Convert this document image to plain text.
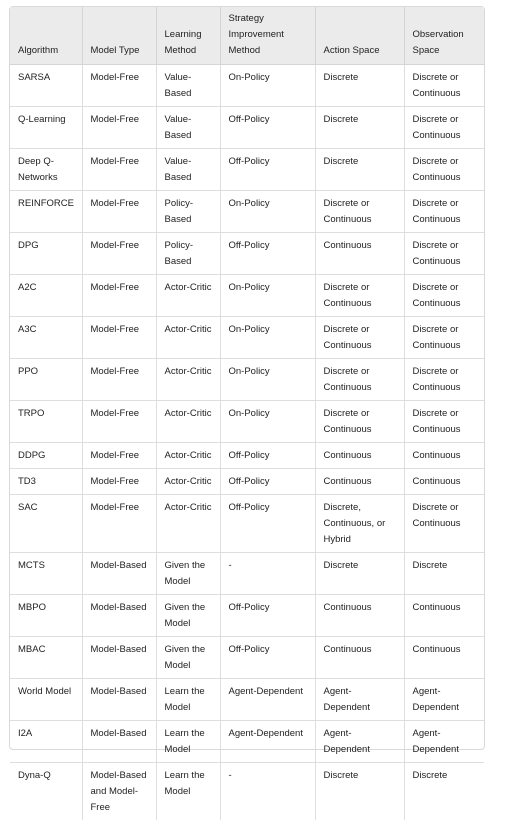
Algorithm	Model Type	Learning Method	Strategy Improvement Method	Action Space	Observation Space
SARSA	Model-Free	Value-Based	On-Policy	Discrete	Discrete or Continuous
Q-Learning	Model-Free	Value-Based	Off-Policy	Discrete	Discrete or Continuous
Deep Q-Networks	Model-Free	Value-Based	Off-Policy	Discrete	Discrete or Continuous
REINFORCE	Model-Free	Policy-Based	On-Policy	Discrete or Continuous	Discrete or Continuous
DPG	Model-Free	Policy-Based	Off-Policy	Continuous	Discrete or Continuous
A2C	Model-Free	Actor-Critic	On-Policy	Discrete or Continuous	Discrete or Continuous
A3C	Model-Free	Actor-Critic	On-Policy	Discrete or Continuous	Discrete or Continuous
PPO	Model-Free	Actor-Critic	On-Policy	Discrete or Continuous	Discrete or Continuous
TRPO	Model-Free	Actor-Critic	On-Policy	Discrete or Continuous	Discrete or Continuous
DDPG	Model-Free	Actor-Critic	Off-Policy	Continuous	Continuous
TD3	Model-Free	Actor-Critic	Off-Policy	Continuous	Continuous
SAC	Model-Free	Actor-Critic	Off-Policy	Discrete, Continuous, or Hybrid	Discrete or Continuous
MCTS	Model-Based	Given the Model	-	Discrete	Discrete
MBPO	Model-Based	Given the Model	Off-Policy	Continuous	Continuous
MBAC	Model-Based	Given the Model	Off-Policy	Continuous	Continuous
World Model	Model-Based	Learn the Model	Agent-Dependent	Agent-Dependent	Agent-Dependent
I2A	Model-Based	Learn the Model	Agent-Dependent	Agent-Dependent	Agent-Dependent
Dyna-Q	Model-Based and Model-Free	Learn the Model	-	Discrete	Discrete
